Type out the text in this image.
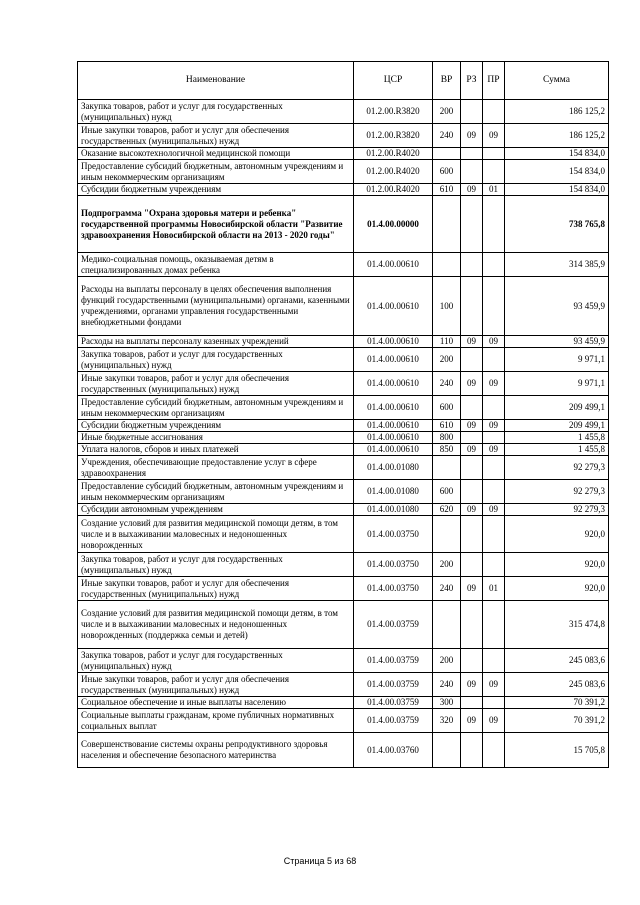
Наименование	ЦСР	ВР	РЗ	ПР	Сумма
Закупка товаров, работ и услуг для государственных (муниципальных) нужд	01.2.00.R3820	200			186 125,2
Иные закупки товаров, работ и услуг для обеспечения государственных (муниципальных) нужд	01.2.00.R3820	240	09	09	186 125,2
Оказание высокотехнологичной медицинской помощи	01.2.00.R4020				154 834,0
Предоставление субсидий бюджетным, автономным учреждениям и иным некоммерческим организациям	01.2.00.R4020	600			154 834,0
Субсидии бюджетным учреждениям	01.2.00.R4020	610	09	01	154 834,0
Подпрограмма "Охрана здоровья матери и ребенка" государственной программы Новосибирской области "Развитие здравоохранения Новосибирской области на 2013 - 2020 годы"	01.4.00.00000				738 765,8
Медико-социальная помощь, оказываемая детям в специализированных домах ребенка	01.4.00.00610				314 385,9
Расходы на выплаты персоналу в целях обеспечения выполнения функций государственными (муниципальными) органами, казенными учреждениями, органами управления государственными внебюджетными фондами	01.4.00.00610	100			93 459,9
Расходы на выплаты персоналу казенных учреждений	01.4.00.00610	110	09	09	93 459,9
Закупка товаров, работ и услуг для государственных (муниципальных) нужд	01.4.00.00610	200			9 971,1
Иные закупки товаров, работ и услуг для обеспечения государственных (муниципальных) нужд	01.4.00.00610	240	09	09	9 971,1
Предоставление субсидий бюджетным, автономным учреждениям и иным некоммерческим организациям	01.4.00.00610	600			209 499,1
Субсидии бюджетным учреждениям	01.4.00.00610	610	09	09	209 499,1
Иные бюджетные ассигнования	01.4.00.00610	800			1 455,8
Уплата налогов, сборов и иных платежей	01.4.00.00610	850	09	09	1 455,8
Учреждения, обеспечивающие предоставление услуг в сфере здравоохранения	01.4.00.01080				92 279,3
Предоставление субсидий бюджетным, автономным учреждениям и иным некоммерческим организациям	01.4.00.01080	600			92 279,3
Субсидии автономным учреждениям	01.4.00.01080	620	09	09	92 279,3
Создание условий для развития медицинской помощи детям, в том числе и в выхаживании маловесных и недоношенных новорожденных	01.4.00.03750				920,0
Закупка товаров, работ и услуг для государственных (муниципальных) нужд	01.4.00.03750	200			920,0
Иные закупки товаров, работ и услуг для обеспечения государственных (муниципальных) нужд	01.4.00.03750	240	09	01	920,0
Создание условий для развития медицинской помощи детям, в том числе и в выхаживании маловесных и недоношенных новорожденных (поддержка семьи и детей)	01.4.00.03759				315 474,8
Закупка товаров, работ и услуг для государственных (муниципальных) нужд	01.4.00.03759	200			245 083,6
Иные закупки товаров, работ и услуг для обеспечения государственных (муниципальных) нужд	01.4.00.03759	240	09	09	245 083,6
Социальное обеспечение и иные выплаты населению	01.4.00.03759	300			70 391,2
Социальные выплаты гражданам, кроме публичных нормативных социальных выплат	01.4.00.03759	320	09	09	70 391,2
Совершенствование системы охраны репродуктивного здоровья населения и обеспечение безопасного материнства	01.4.00.03760				15 705,8
Страница 5 из 68
